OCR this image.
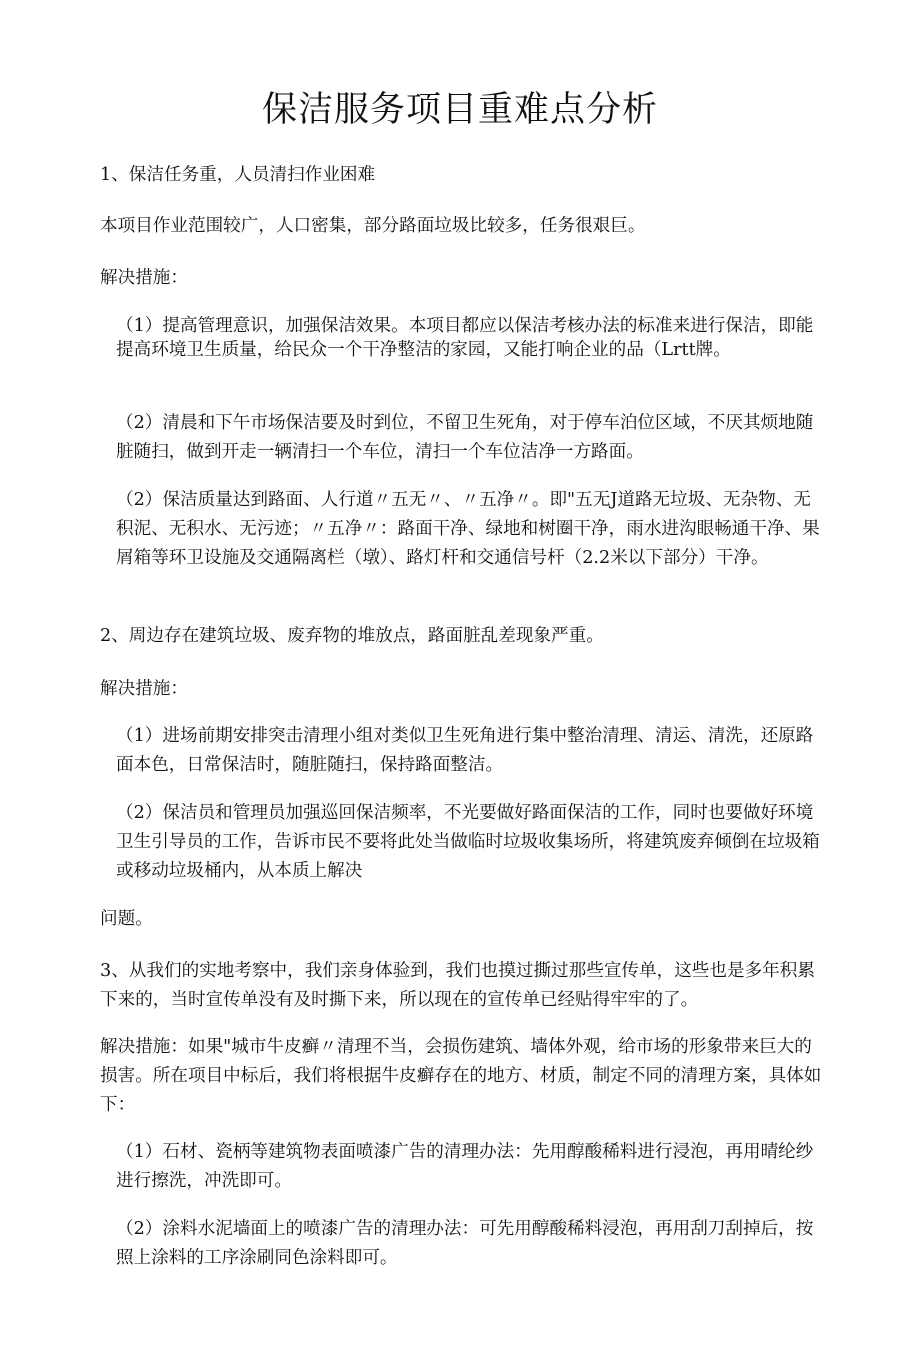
保洁服务项目重难点分析

1、保洁任务重，人员清扫作业困难

本项目作业范围较广，人口密集，部分路面垃圾比较多，任务很艰巨。

解决措施：

（1）提高管理意识，加强保洁效果。本项目都应以保洁考核办法的标准来进行保洁，即能提高环境卫生质量，给民众一个干净整洁的家园，又能打响企业的品（Lrtt牌。

（2）清晨和下午市场保洁要及时到位，不留卫生死角，对于停车泊位区域，不厌其烦地随脏随扫，做到开走一辆清扫一个车位，清扫一个车位洁净一方路面。

（2）保洁质量达到路面、人行道〃五无〃、〃五净〃。即"五无J道路无垃圾、无杂物、无积泥、无积水、无污迹；〃五净〃：路面干净、绿地和树圈干净，雨水进沟眼畅通干净、果屑箱等环卫设施及交通隔离栏（墩）、路灯杆和交通信号杆（2.2米以下部分）干净。

2、周边存在建筑垃圾、废弃物的堆放点，路面脏乱差现象严重。

解决措施：

（1）进场前期安排突击清理小组对类似卫生死角进行集中整治清理、清运、清洗，还原路面本色，日常保洁时，随脏随扫，保持路面整洁。

（2）保洁员和管理员加强巡回保洁频率，不光要做好路面保洁的工作，同时也要做好环境卫生引导员的工作，告诉市民不要将此处当做临时垃圾收集场所，将建筑废弃倾倒在垃圾箱或移动垃圾桶内，从本质上解决

问题。

3、从我们的实地考察中，我们亲身体验到，我们也摸过撕过那些宣传单，这些也是多年积累下来的，当时宣传单没有及时撕下来，所以现在的宣传单已经贴得牢牢的了。

解决措施：如果"城市牛皮癣〃清理不当，会损伤建筑、墙体外观，给市场的形象带来巨大的损害。所在项目中标后，我们将根据牛皮癣存在的地方、材质，制定不同的清理方案，具体如下：

（1）石材、瓷柄等建筑物表面喷漆广告的清理办法：先用醇酸稀料进行浸泡，再用晴纶纱进行擦洗，冲洗即可。

（2）涂料水泥墙面上的喷漆广告的清理办法：可先用醇酸稀料浸泡，再用刮刀刮掉后，按照上涂料的工序涂刷同色涂料即可。
